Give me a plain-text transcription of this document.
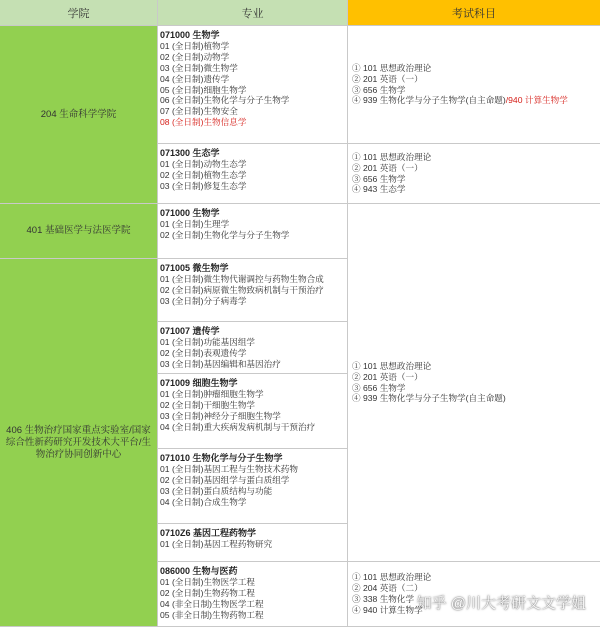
学院	专业	考试科目
204 生命科学学院
401 基础医学与法医学院
406 生物治疗国家重点实验室/国家综合性新药研究开发技术大平台/生物治疗协同创新中心
071000 生物学
01 (全日制)植物学
02 (全日制)动物学
03 (全日制)微生物学
04 (全日制)遗传学
05 (全日制)细胞生物学
06 (全日制)生物化学与分子生物学
07 (全日制)生物安全
08 (全日制)生物信息学
071300 生态学
01 (全日制)动物生态学
02 (全日制)植物生态学
03 (全日制)修复生态学
071000 生物学
01 (全日制)生理学
02 (全日制)生物化学与分子生物学
071005 微生物学
01 (全日制)微生物代谢调控与药物生物合成
02 (全日制)病原微生物致病机制与干预治疗
03 (全日制)分子病毒学
071007 遗传学
01 (全日制)功能基因组学
02 (全日制)表观遗传学
03 (全日制)基因编辑和基因治疗
071009 细胞生物学
01 (全日制)肿瘤细胞生物学
02 (全日制)干细胞生物学
03 (全日制)神经分子细胞生物学
04 (全日制)重大疾病发病机制与干预治疗
071010 生物化学与分子生物学
01 (全日制)基因工程与生物技术药物
02 (全日制)基因组学与蛋白质组学
03 (全日制)蛋白质结构与功能
04 (全日制)合成生物学
0710Z6 基因工程药物学
01 (全日制)基因工程药物研究
086000 生物与医药
01 (全日制)生物医学工程
02 (全日制)生物药物工程
04 (非全日制)生物医学工程
05 (非全日制)生物药物工程
① 101 思想政治理论
② 201 英语（一）
③ 656 生物学
④ 939 生物化学与分子生物学(自主命题)/940 计算生物学
① 101 思想政治理论
② 201 英语（一）
③ 656 生物学
④ 943 生态学
① 101 思想政治理论
② 201 英语（一）
③ 656 生物学
④ 939 生物化学与分子生物学(自主命题)
① 101 思想政治理论
② 204 英语（二）
③ 338 生物化学
④ 940 计算生物学
知乎 @川大考研文文学姐
